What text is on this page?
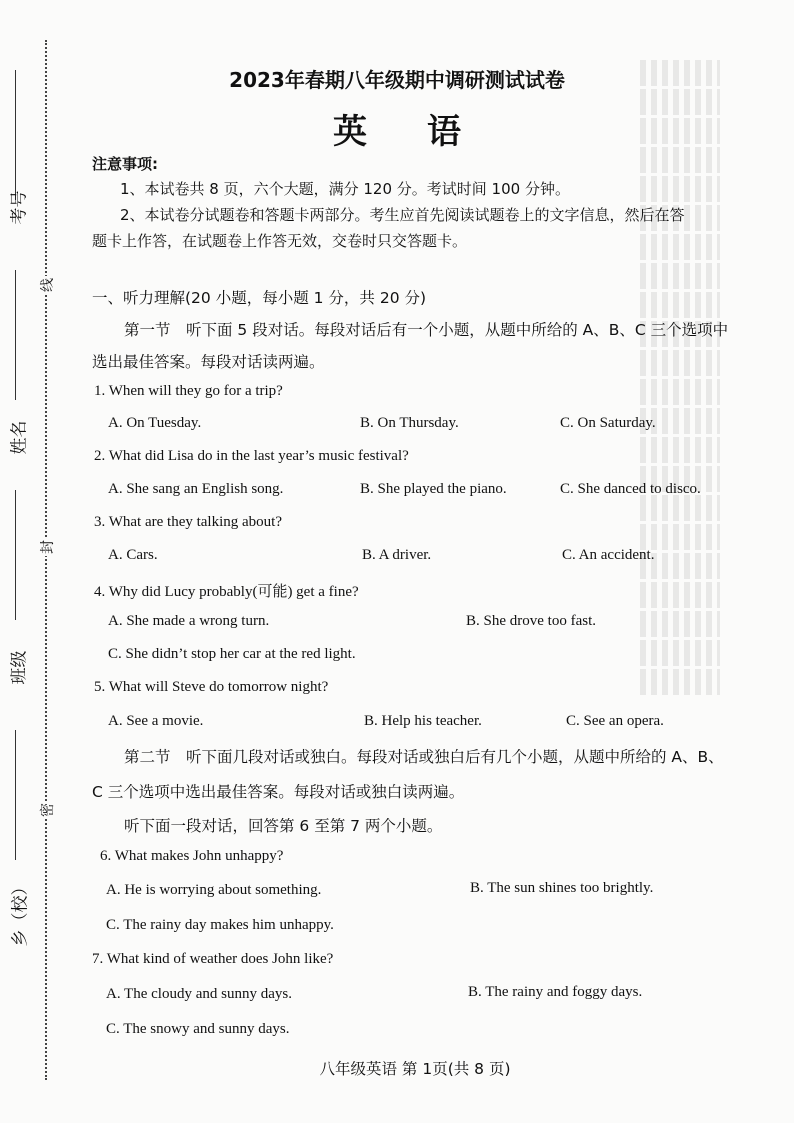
考号
线
姓名
封
班级
密
乡（校）
2023年春期八年级期中调研测试试卷
英语
注意事项:
1、本试卷共 8 页，六个大题，满分 120 分。考试时间 100 分钟。
2、本试卷分试题卷和答题卡两部分。考生应首先阅读试题卷上的文字信息，然后在答
题卡上作答，在试题卷上作答无效，交卷时只交答题卡。
一、听力理解(20 小题，每小题 1 分，共 20 分)
第一节　听下面 5 段对话。每段对话后有一个小题，从题中所给的 A、B、C 三个选项中
选出最佳答案。每段对话读两遍。
1. When will they go for a trip?
A. On Tuesday.	B. On Thursday.	C. On Saturday.
2. What did Lisa do in the last year’s music festival?
A. She sang an English song.	B. She played the piano.	C. She danced to disco.
3. What are they talking about?
A. Cars.	B. A driver.	C. An accident.
4. Why did Lucy probably(可能) get a fine?
A. She made a wrong turn.	B. She drove too fast.
C. She didn’t stop her car at the red light.
5. What will Steve do tomorrow night?
A. See a movie.	B. Help his teacher.	C. See an opera.
第二节　听下面几段对话或独白。每段对话或独白后有几个小题，从题中所给的 A、B、
C 三个选项中选出最佳答案。每段对话或独白读两遍。
听下面一段对话，回答第 6 至第 7 两个小题。
6. What makes John unhappy?
A. He is worrying about something.	B. The sun shines too brightly.
C. The rainy day makes him unhappy.
7. What kind of weather does John like?
A. The cloudy and sunny days.	B. The rainy and foggy days.
C. The snowy and sunny days.
八年级英语 第 1页(共 8 页)
